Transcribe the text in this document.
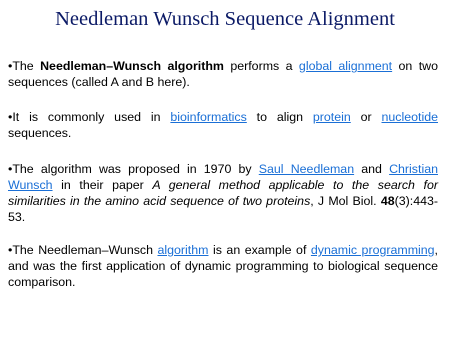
Needleman Wunsch Sequence Alignment
•The Needleman–Wunsch algorithm performs a global alignment on two sequences (called A and B here).
•It is commonly used in bioinformatics to align protein or nucleotide sequences.
•The algorithm was proposed in 1970 by Saul Needleman and Christian Wunsch in their paper A general method applicable to the search for similarities in the amino acid sequence of two proteins, J Mol Biol. 48(3):443-53.
•The Needleman–Wunsch algorithm is an example of dynamic programming, and was the first application of dynamic programming to biological sequence comparison.
